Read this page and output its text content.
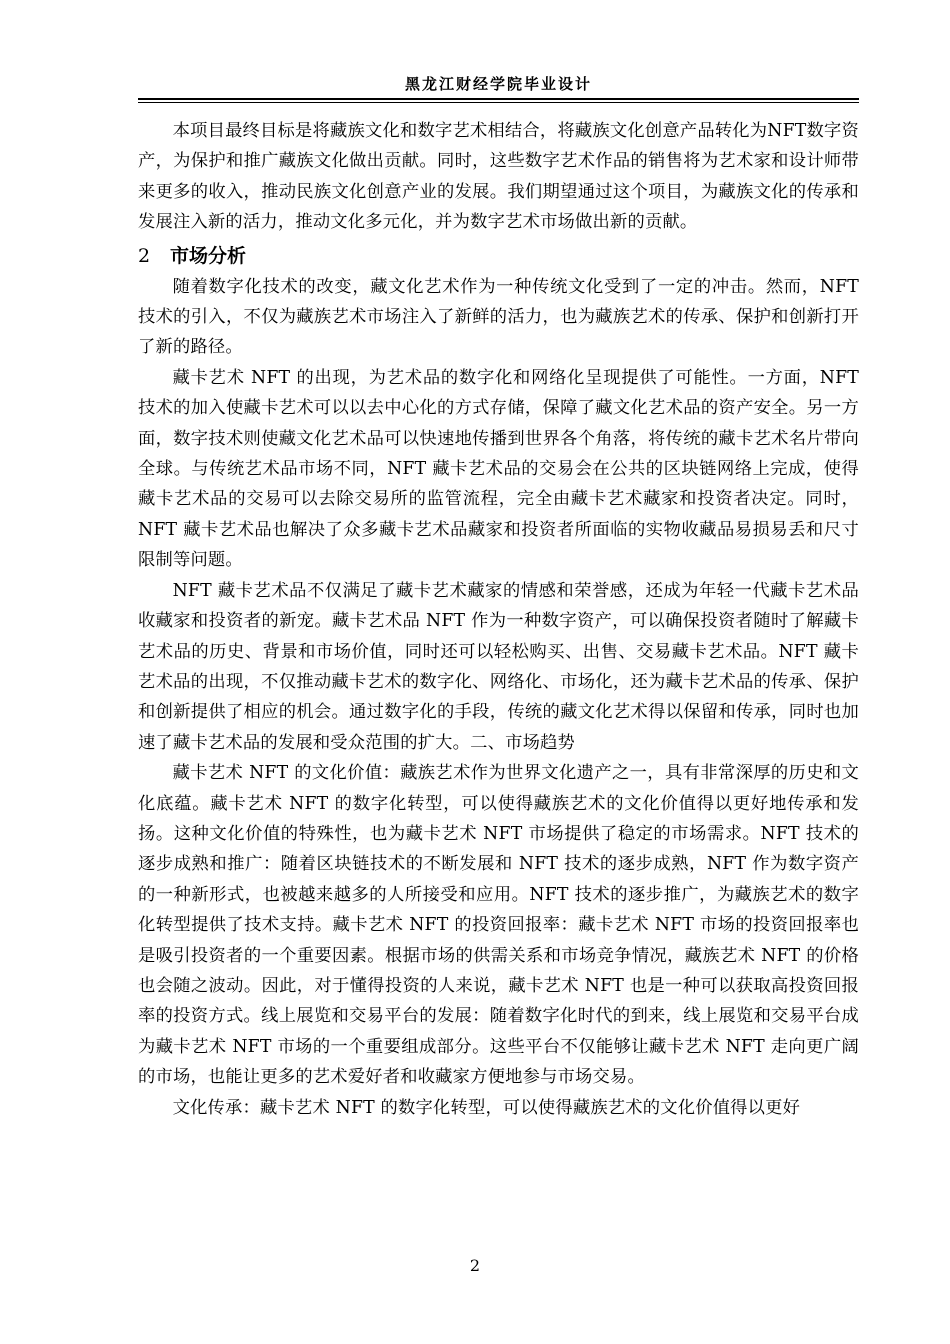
黑龙江财经学院毕业设计

本项目最终目标是将藏族文化和数字艺术相结合，将藏族文化创意产品转化为NFT数字资产，为保护和推广藏族文化做出贡献。同时，这些数字艺术作品的销售将为艺术家和设计师带来更多的收入，推动民族文化创意产业的发展。我们期望通过这个项目，为藏族文化的传承和发展注入新的活力，推动文化多元化，并为数字艺术市场做出新的贡献。

2 市场分析

随着数字化技术的改变，藏文化艺术作为一种传统文化受到了一定的冲击。然而，NFT 技术的引入，不仅为藏族艺术市场注入了新鲜的活力，也为藏族艺术的传承、保护和创新打开了新的路径。

藏卡艺术 NFT 的出现，为艺术品的数字化和网络化呈现提供了可能性。一方面，NFT 技术的加入使藏卡艺术可以以去中心化的方式存储，保障了藏文化艺术品的资产安全。另一方面，数字技术则使藏文化艺术品可以快速地传播到世界各个角落，将传统的藏卡艺术名片带向全球。与传统艺术品市场不同，NFT 藏卡艺术品的交易会在公共的区块链网络上完成，使得藏卡艺术品的交易可以去除交易所的监管流程，完全由藏卡艺术藏家和投资者决定。同时，NFT 藏卡艺术品也解决了众多藏卡艺术品藏家和投资者所面临的实物收藏品易损易丢和尺寸限制等问题。

NFT 藏卡艺术品不仅满足了藏卡艺术藏家的情感和荣誉感，还成为年轻一代藏卡艺术品收藏家和投资者的新宠。藏卡艺术品 NFT 作为一种数字资产，可以确保投资者随时了解藏卡艺术品的历史、背景和市场价值，同时还可以轻松购买、出售、交易藏卡艺术品。NFT 藏卡艺术品的出现，不仅推动藏卡艺术的数字化、网络化、市场化，还为藏卡艺术品的传承、保护和创新提供了相应的机会。通过数字化的手段，传统的藏文化艺术得以保留和传承，同时也加速了藏卡艺术品的发展和受众范围的扩大。二、市场趋势

藏卡艺术 NFT 的文化价值：藏族艺术作为世界文化遗产之一，具有非常深厚的历史和文化底蕴。藏卡艺术 NFT 的数字化转型，可以使得藏族艺术的文化价值得以更好地传承和发扬。这种文化价值的特殊性，也为藏卡艺术 NFT 市场提供了稳定的市场需求。NFT 技术的逐步成熟和推广：随着区块链技术的不断发展和 NFT 技术的逐步成熟，NFT 作为数字资产的一种新形式，也被越来越多的人所接受和应用。NFT 技术的逐步推广，为藏族艺术的数字化转型提供了技术支持。藏卡艺术 NFT 的投资回报率：藏卡艺术 NFT 市场的投资回报率也是吸引投资者的一个重要因素。根据市场的供需关系和市场竞争情况，藏族艺术 NFT 的价格也会随之波动。因此，对于懂得投资的人来说，藏卡艺术 NFT 也是一种可以获取高投资回报率的投资方式。线上展览和交易平台的发展：随着数字化时代的到来，线上展览和交易平台成为藏卡艺术 NFT 市场的一个重要组成部分。这些平台不仅能够让藏卡艺术 NFT 走向更广阔的市场，也能让更多的艺术爱好者和收藏家方便地参与市场交易。

文化传承：藏卡艺术 NFT 的数字化转型，可以使得藏族艺术的文化价值得以更好

2
